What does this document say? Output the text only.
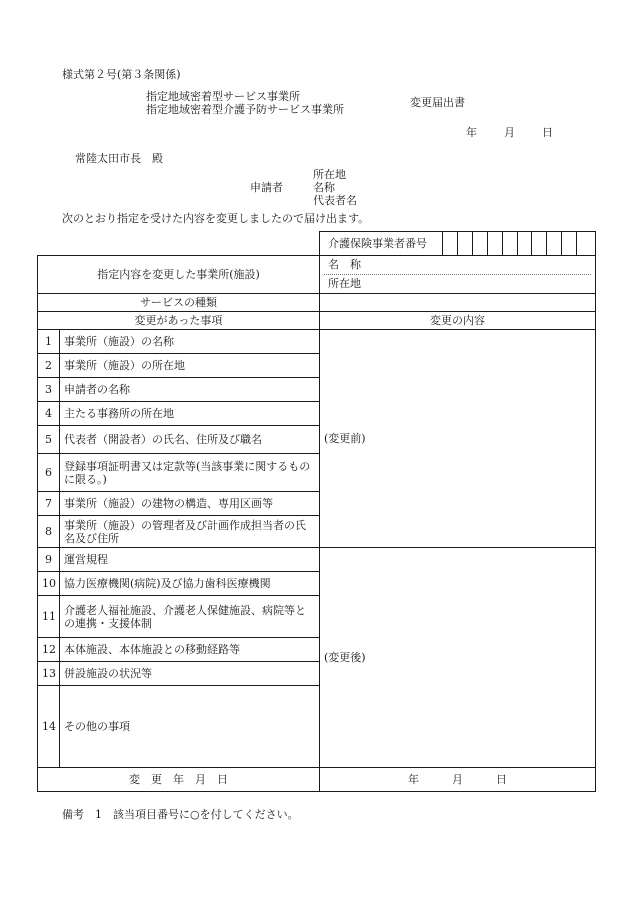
様式第２号(第３条関係)
指定地域密着型サービス事業所
指定地域密着型介護予防サービス事業所
変更届出書
年 月 日
常陸太田市長　殿
申請者
所在地
名称
代表者名
次のとおり指定を受けた内容を変更しましたので届け出ます。

		介護保険事業者番号

指定内容を変更した事業所(施設)		名　称
所在地

サービスの種類		
変更があった事項		変更の内容
1	事業所（施設）の名称	(変更前)
2	事業所（施設）の所在地	
3	申請者の名称	
4	主たる事務所の所在地	
5	代表者（開設者）の氏名、住所及び職名	
6	登録事項証明書又は定款等(当該事業に関するものに限る。)	
7	事業所（施設）の建物の構造、専用区画等	
8	事業所（施設）の管理者及び計画作成担当者の氏名及び住所	
9	運営規程	(変更後)
10	協力医療機関(病院)及び協力歯科医療機関	
11	介護老人福祉施設、介護老人保健施設、病院等との連携・支援体制	
12	本体施設、本体施設との移動経路等	
13	併設施設の状況等	
14	その他の事項	
変　更　年　月　日		年　　　月　　　日
備考　1　該当項目番号に○を付してください。
